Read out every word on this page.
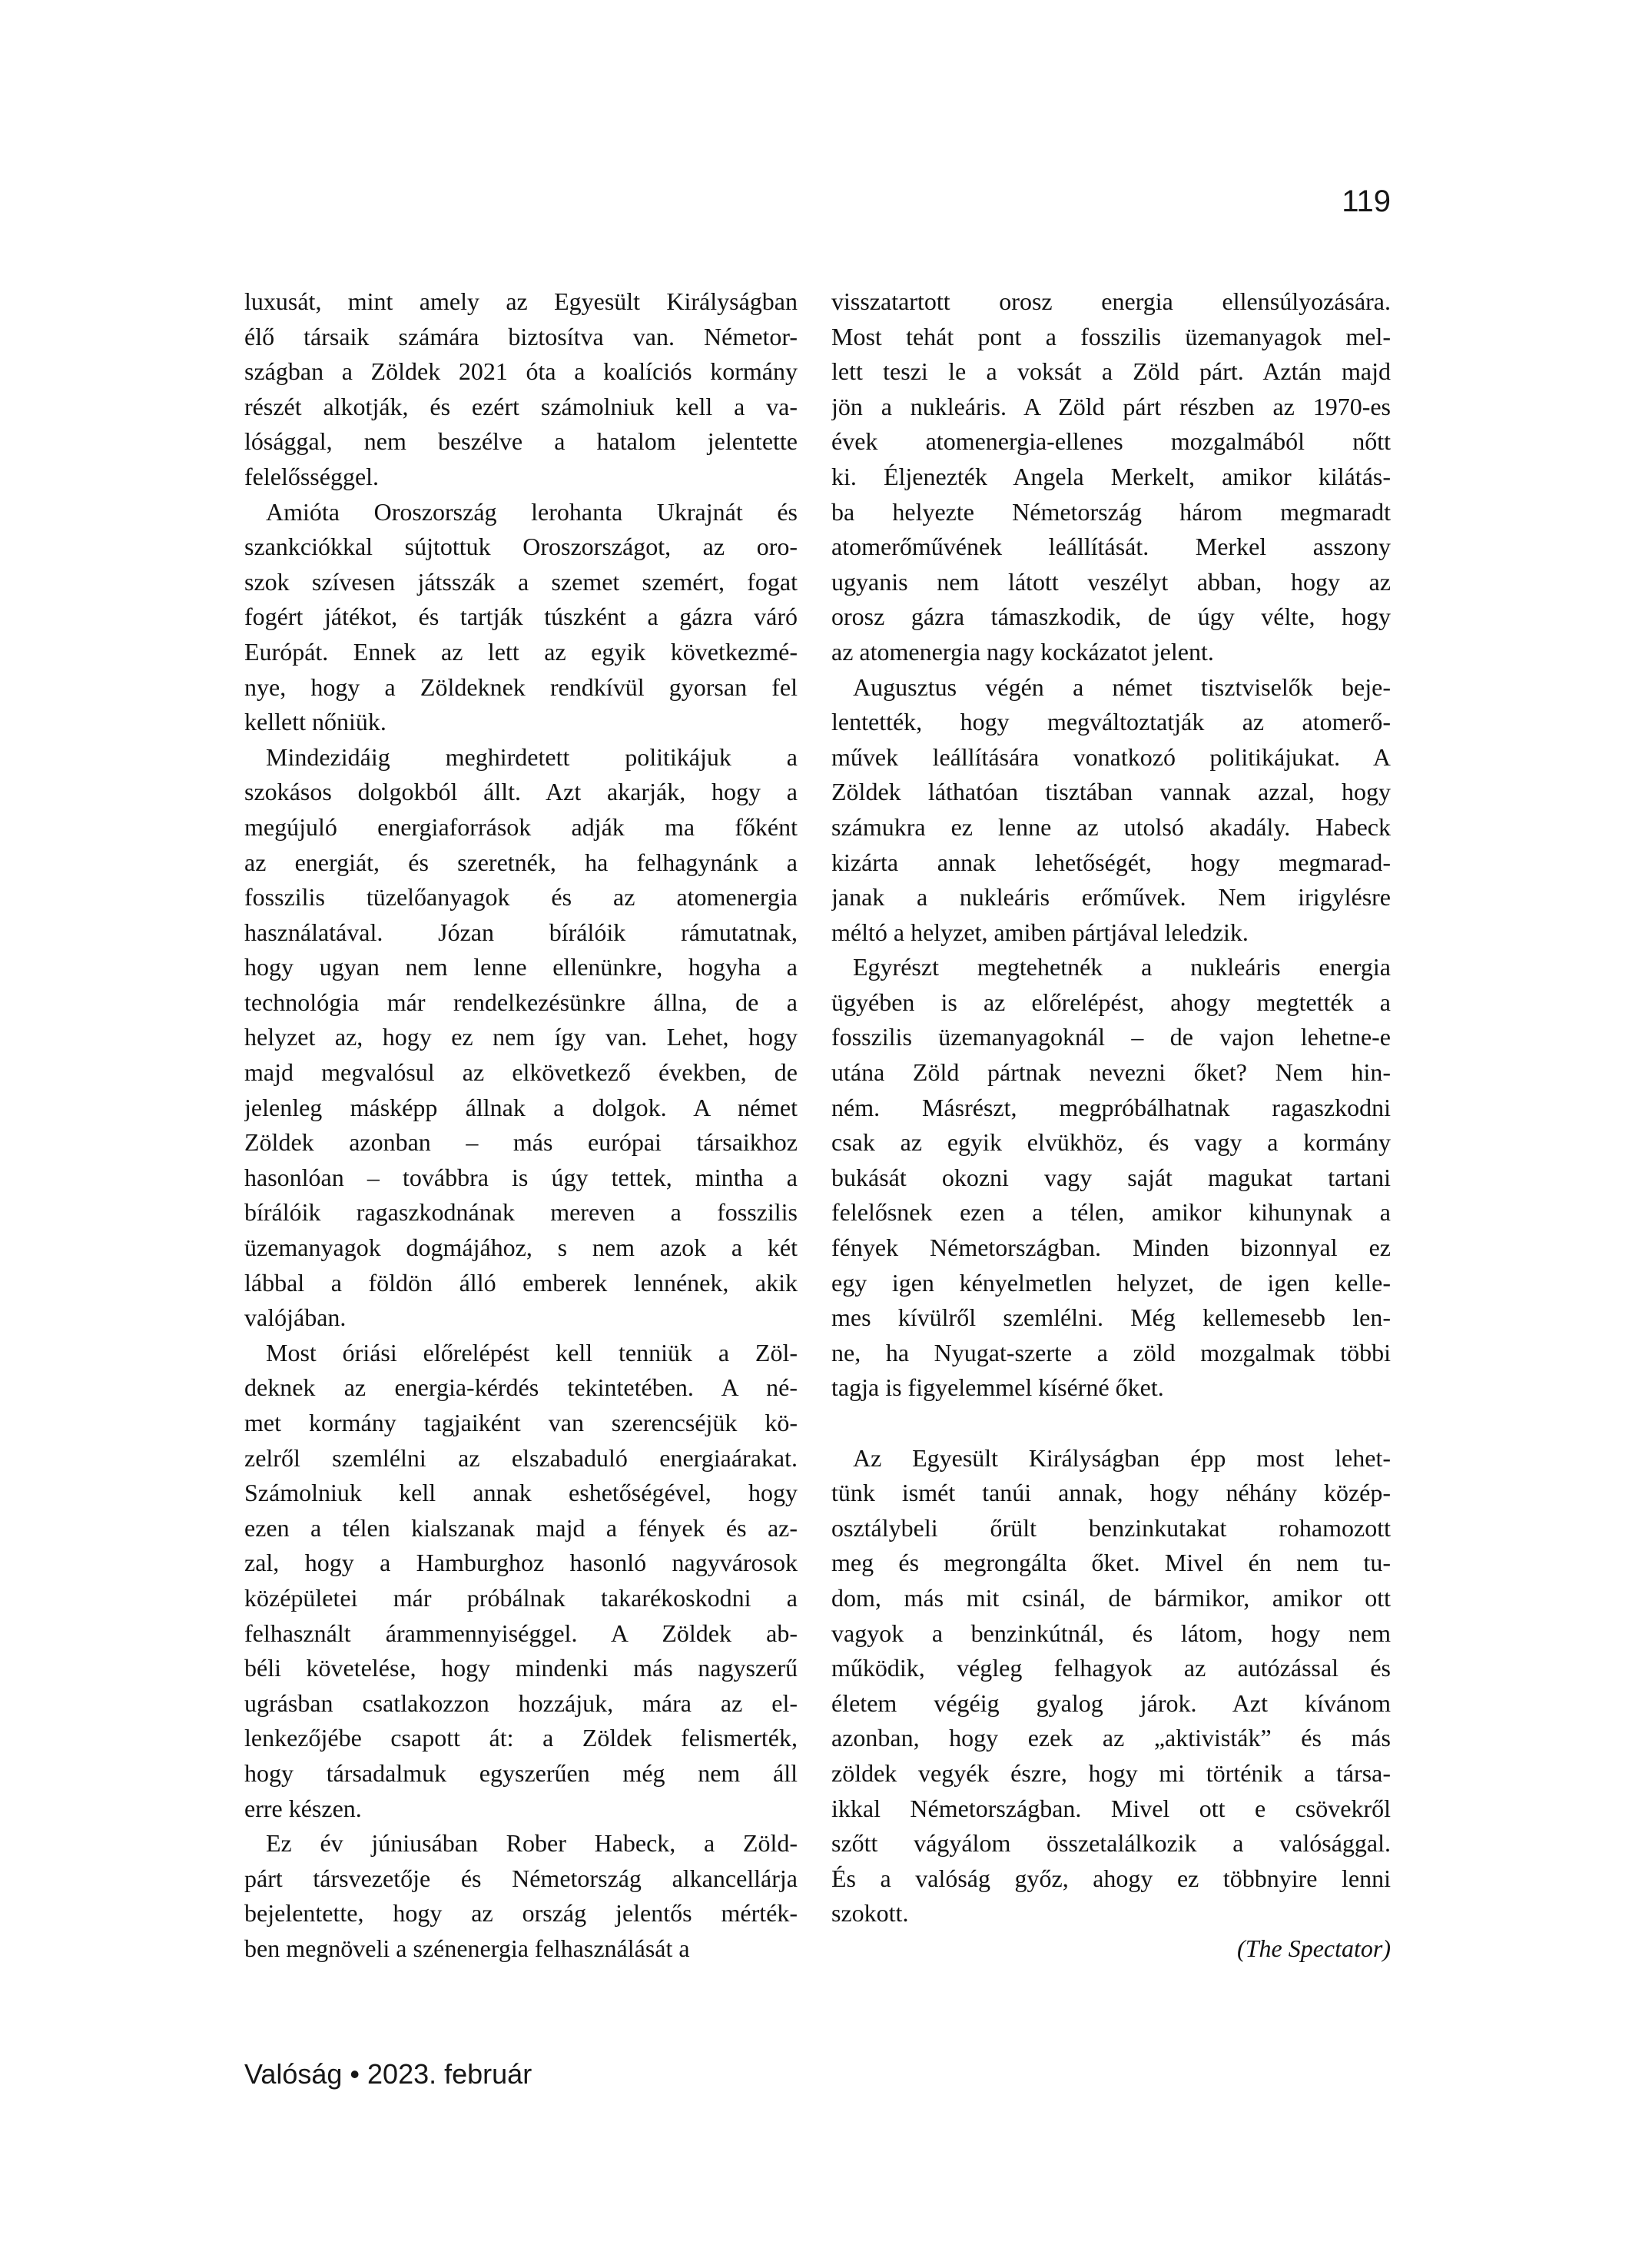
119
luxusát, mint amely az Egyesült Királyságban
élő társaik számára biztosítva van. Németor-
szágban a Zöldek 2021 óta a koalíciós kormány
részét alkotják, és ezért számolniuk kell a va-
lósággal, nem beszélve a hatalom jelentette
felelősséggel.
Amióta Oroszország lerohanta Ukrajnát és
szankciókkal sújtottuk Oroszországot, az oro-
szok szívesen játsszák a szemet szemért, fogat
fogért játékot, és tartják túszként a gázra váró
Európát. Ennek az lett az egyik következmé-
nye, hogy a Zöldeknek rendkívül gyorsan fel
kellett nőniük.
Mindezidáig meghirdetett politikájuk a
szokásos dolgokból állt. Azt akarják, hogy a
megújuló energiaforrások adják ma főként
az energiát, és szeretnék, ha felhagynánk a
fosszilis tüzelőanyagok és az atomenergia
használatával. Józan bírálóik rámutatnak,
hogy ugyan nem lenne ellenünkre, hogyha a
technológia már rendelkezésünkre állna, de a
helyzet az, hogy ez nem így van. Lehet, hogy
majd megvalósul az elkövetkező években, de
jelenleg másképp állnak a dolgok. A német
Zöldek azonban – más európai társaikhoz
hasonlóan – továbbra is úgy tettek, mintha a
bírálóik ragaszkodnának mereven a fosszilis
üzemanyagok dogmájához, s nem azok a két
lábbal a földön álló emberek lennének, akik
valójában.
Most óriási előrelépést kell tenniük a Zöl-
deknek az energia-kérdés tekintetében. A né-
met kormány tagjaiként van szerencséjük kö-
zelről szemlélni az elszabaduló energiaárakat.
Számolniuk kell annak eshetőségével, hogy
ezen a télen kialszanak majd a fények és az-
zal, hogy a Hamburghoz hasonló nagyvárosok
középületei már próbálnak takarékoskodni a
felhasznált árammennyiséggel. A Zöldek ab-
béli követelése, hogy mindenki más nagyszerű
ugrásban csatlakozzon hozzájuk, mára az el-
lenkezőjébe csapott át: a Zöldek felismerték,
hogy társadalmuk egyszerűen még nem áll
erre készen.
Ez év júniusában Rober Habeck, a Zöld-
párt társvezetője és Németország alkancellárja
bejelentette, hogy az ország jelentős mérték-
ben megnöveli a szénenergia felhasználását a
visszatartott orosz energia ellensúlyozására.
Most tehát pont a fosszilis üzemanyagok mel-
lett teszi le a voksát a Zöld párt. Aztán majd
jön a nukleáris. A Zöld párt részben az 1970-es
évek atomenergia-ellenes mozgalmából nőtt
ki. Éljenezték Angela Merkelt, amikor kilátás-
ba helyezte Németország három megmaradt
atomerőművének leállítását. Merkel asszony
ugyanis nem látott veszélyt abban, hogy az
orosz gázra támaszkodik, de úgy vélte, hogy
az atomenergia nagy kockázatot jelent.
Augusztus végén a német tisztviselők beje-
lentették, hogy megváltoztatják az atomerő-
művek leállítására vonatkozó politikájukat. A
Zöldek láthatóan tisztában vannak azzal, hogy
számukra ez lenne az utolsó akadály. Habeck
kizárta annak lehetőségét, hogy megmarad-
janak a nukleáris erőművek. Nem irigylésre
méltó a helyzet, amiben pártjával leledzik.
Egyrészt megtehetnék a nukleáris energia
ügyében is az előrelépést, ahogy megtették a
fosszilis üzemanyagoknál – de vajon lehetne-e
utána Zöld pártnak nevezni őket? Nem hin-
ném. Másrészt, megpróbálhatnak ragaszkodni
csak az egyik elvükhöz, és vagy a kormány
bukását okozni vagy saját magukat tartani
felelősnek ezen a télen, amikor kihunynak a
fények Németországban. Minden bizonnyal ez
egy igen kényelmetlen helyzet, de igen kelle-
mes kívülről szemlélni. Még kellemesebb len-
ne, ha Nyugat-szerte a zöld mozgalmak többi
tagja is figyelemmel kísérné őket.
Az Egyesült Királyságban épp most lehet-
tünk ismét tanúi annak, hogy néhány közép-
osztálybeli őrült benzinkutakat rohamozott
meg és megrongálta őket. Mivel én nem tu-
dom, más mit csinál, de bármikor, amikor ott
vagyok a benzinkútnál, és látom, hogy nem
működik, végleg felhagyok az autózással és
életem végéig gyalog járok. Azt kívánom
azonban, hogy ezek az „aktivisták” és más
zöldek vegyék észre, hogy mi történik a társa-
ikkal Németországban. Mivel ott e csövekről
szőtt vágyálom összetalálkozik a valósággal.
És a valóság győz, ahogy ez többnyire lenni
szokott.
(The Spectator)
Valóság • 2023. február
